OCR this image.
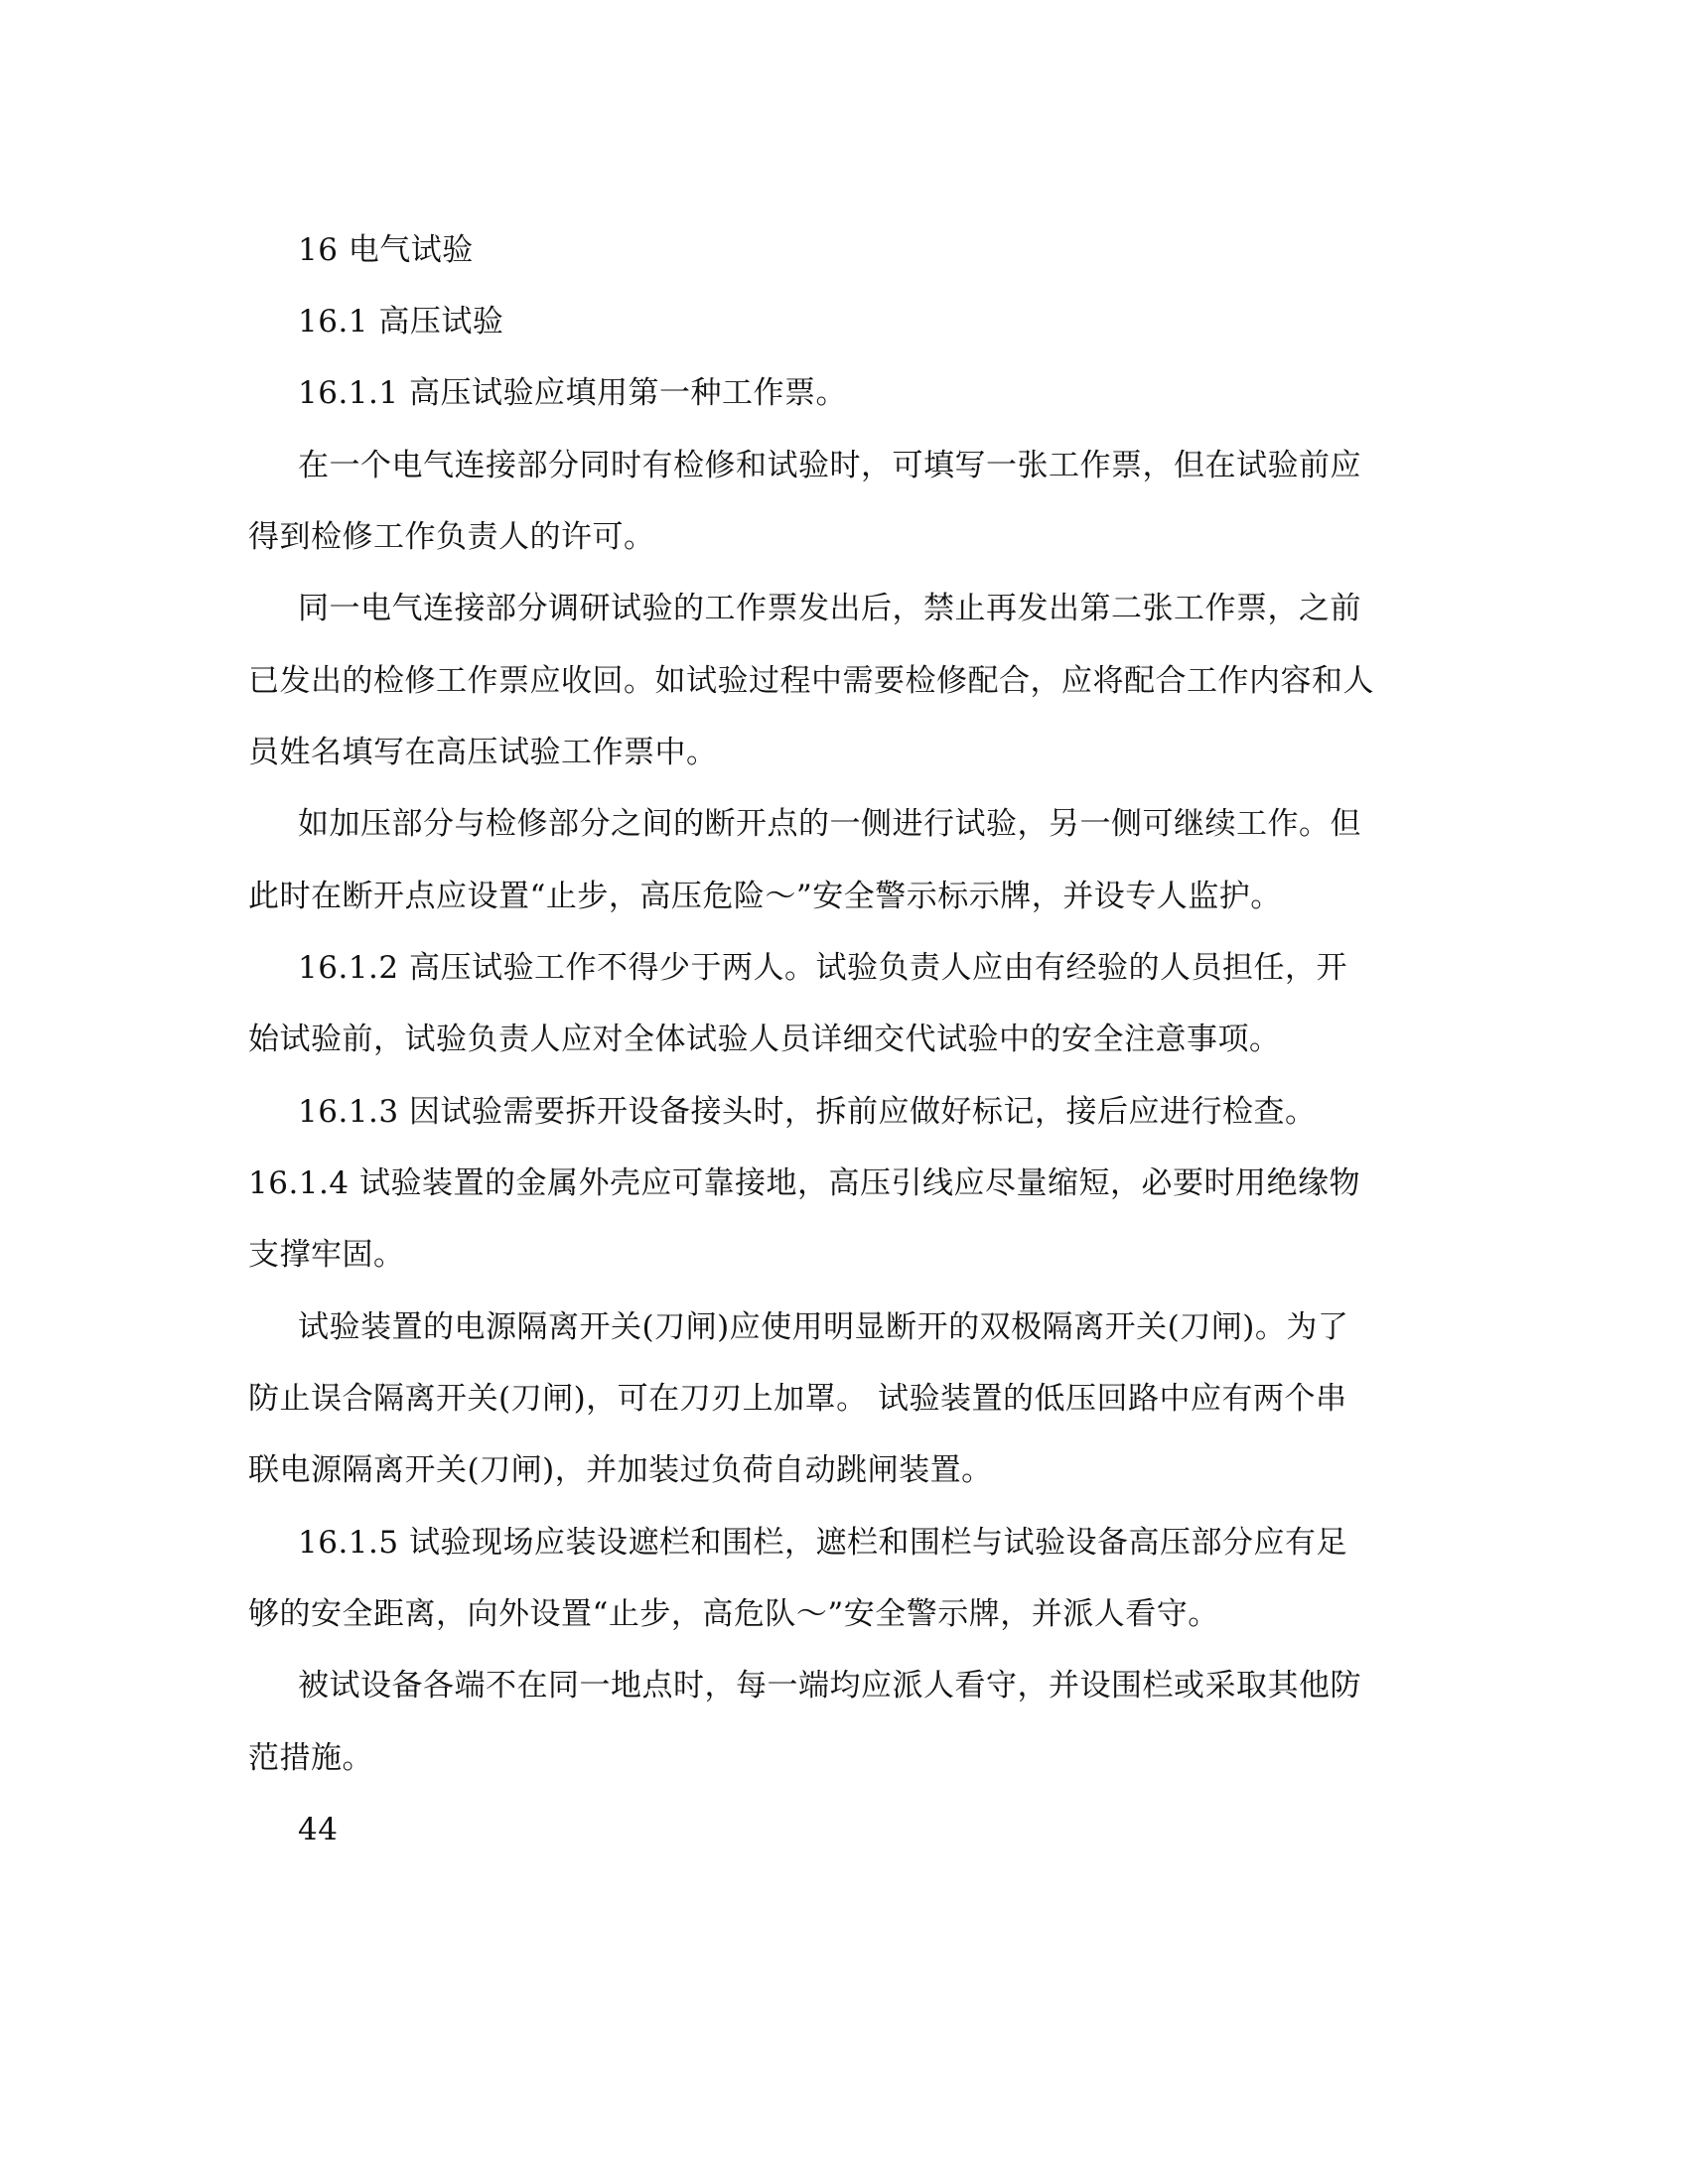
16 电气试验
16.1 高压试验
16.1.1 高压试验应填用第一种工作票。
在一个电气连接部分同时有检修和试验时，可填写一张工作票，但在试验前应
得到检修工作负责人的许可。
同一电气连接部分调研试验的工作票发出后，禁止再发出第二张工作票，之前
已发出的检修工作票应收回。如试验过程中需要检修配合，应将配合工作内容和人
员姓名填写在高压试验工作票中。
如加压部分与检修部分之间的断开点的一侧进行试验，另一侧可继续工作。但
此时在断开点应设置“止步，高压危险～”安全警示标示牌，并设专人监护。
16.1.2 高压试验工作不得少于两人。试验负责人应由有经验的人员担任，开
始试验前，试验负责人应对全体试验人员详细交代试验中的安全注意事项。
16.1.3 因试验需要拆开设备接头时，拆前应做好标记，接后应进行检查。
16.1.4 试验装置的金属外壳应可靠接地，高压引线应尽量缩短，必要时用绝缘物
支撑牢固。
试验装置的电源隔离开关(刀闸)应使用明显断开的双极隔离开关(刀闸)。为了
防止误合隔离开关(刀闸)，可在刀刃上加罩。 试验装置的低压回路中应有两个串
联电源隔离开关(刀闸)，并加装过负荷自动跳闸装置。
16.1.5 试验现场应装设遮栏和围栏，遮栏和围栏与试验设备高压部分应有足
够的安全距离，向外设置“止步，高危队～”安全警示牌，并派人看守。
被试设备各端不在同一地点时，每一端均应派人看守，并设围栏或采取其他防
范措施。
44
